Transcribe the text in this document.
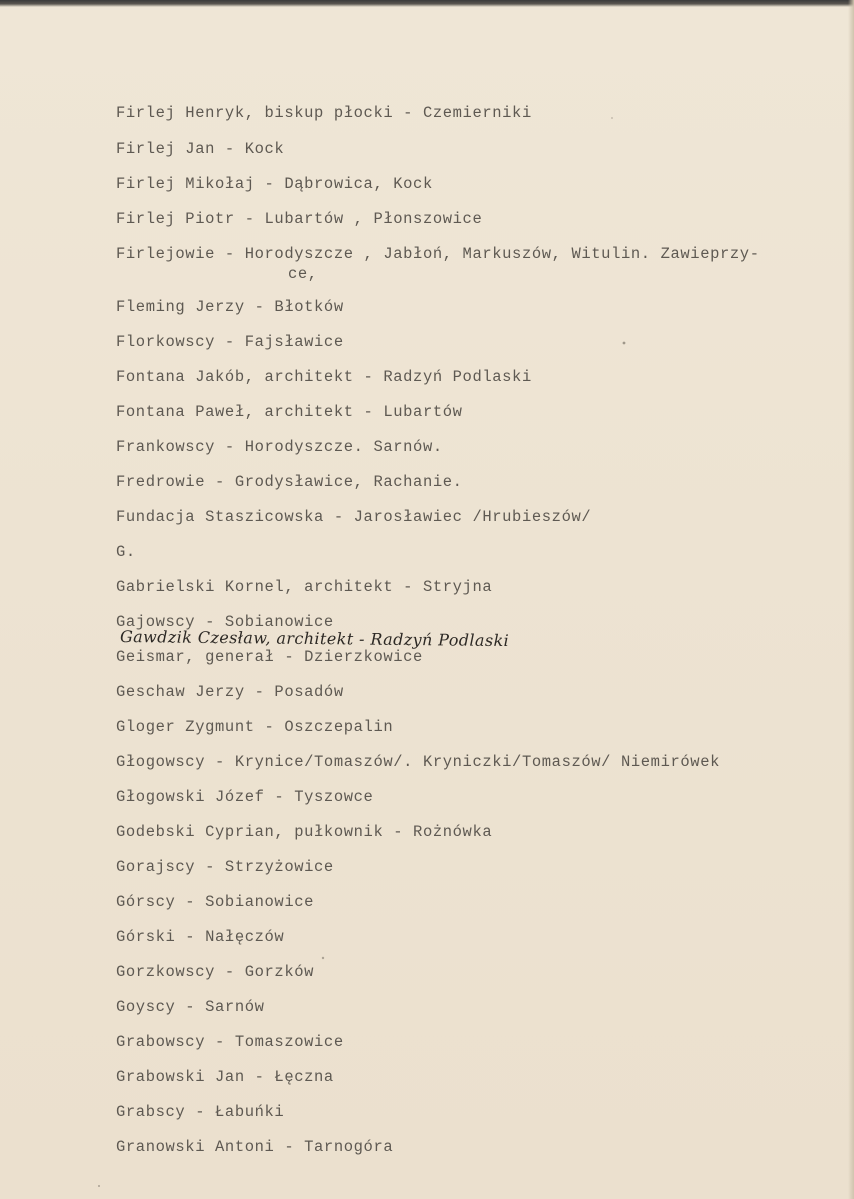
Firlej Henryk, biskup płocki - Czemierniki
Firlej Jan - Kock
Firlej Mikołaj - Dąbrowica, Kock
Firlej Piotr - Lubartów , Płonszowice
Firlejowie - Horodyszcze , Jabłoń, Markuszów, Witulin. Zawieprzy-
ce,
Fleming Jerzy - Błotków
Florkowscy - Fajsławice
Fontana Jakób, architekt - Radzyń Podlaski
Fontana Paweł, architekt - Lubartów
Frankowscy - Horodyszcze. Sarnów.
Fredrowie - Grodysławice, Rachanie.
Fundacja Staszicowska - Jarosławiec /Hrubieszów/
G.
Gabrielski Kornel, architekt - Stryjna
Gajowscy - Sobianowice
Geismar, generał - Dzierzkowice
Geschaw Jerzy - Posadów
Gloger Zygmunt - Oszczepalin
Głogowscy - Krynice/Tomaszów/. Kryniczki/Tomaszów/ Niemirówek
Głogowski Józef - Tyszowce
Godebski Cyprian, pułkownik - Rożnówka
Gorajscy - Strzyżowice
Górscy - Sobianowice
Górski - Nałęczów
Gorzkowscy - Gorzków
Goyscy - Sarnów
Grabowscy - Tomaszowice
Grabowski Jan - Łęczna
Grabscy - Łabuńki
Granowski Antoni - Tarnogóra
Gawdzik Czesław, architekt - Radzyń Podlaski
